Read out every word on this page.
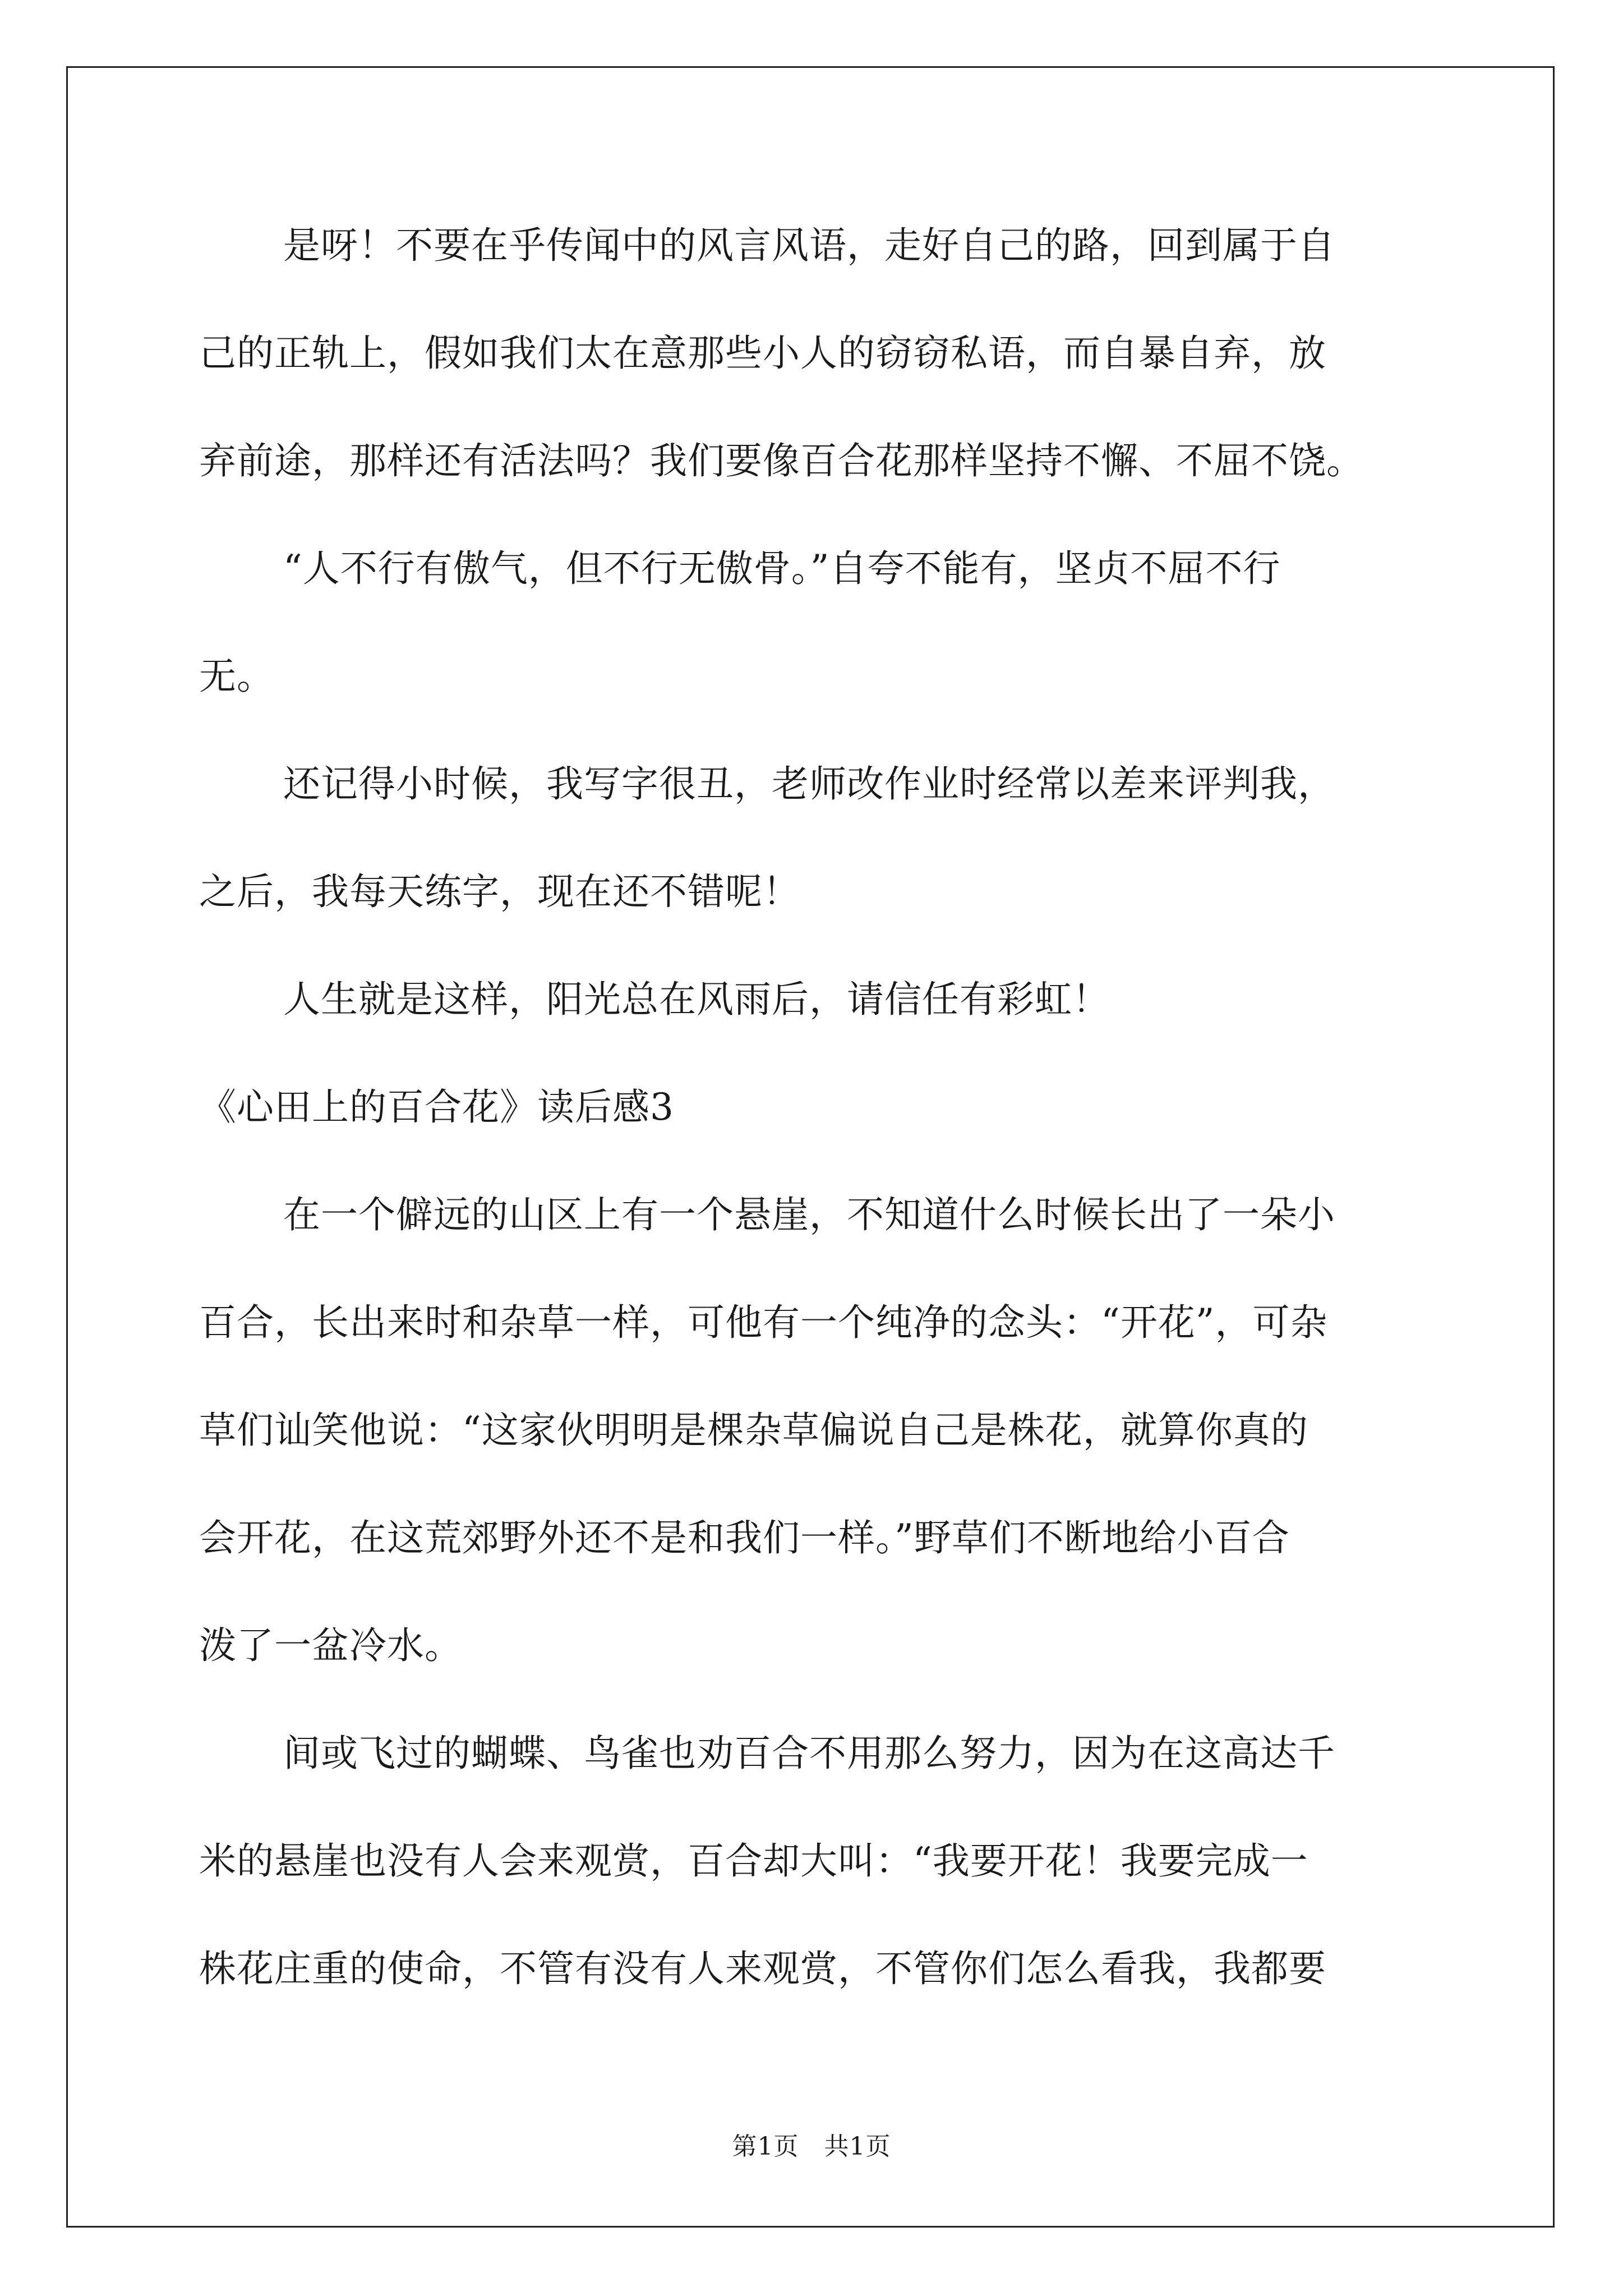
是呀！不要在乎传闻中的风言风语，走好自己的路，回到属于自
己的正轨上，假如我们太在意那些小人的窃窃私语，而自暴自弃，放
弃前途，那样还有活法吗？我们要像百合花那样坚持不懈、不屈不饶。
“人不行有傲气，但不行无傲骨。”自夸不能有，坚贞不屈不行
无。
还记得小时候，我写字很丑，老师改作业时经常以差来评判我，
之后，我每天练字，现在还不错呢！
人生就是这样，阳光总在风雨后，请信任有彩虹！
《心田上的百合花》读后感3
在一个僻远的山区上有一个悬崖，不知道什么时候长出了一朵小
百合，长出来时和杂草一样，可他有一个纯净的念头：“开花”，可杂
草们讪笑他说：“这家伙明明是棵杂草偏说自己是株花，就算你真的
会开花，在这荒郊野外还不是和我们一样。”野草们不断地给小百合
泼了一盆冷水。
间或飞过的蝴蝶、鸟雀也劝百合不用那么努力，因为在这高达千
米的悬崖也没有人会来观赏，百合却大叫：“我要开花！我要完成一
株花庄重的使命，不管有没有人来观赏，不管你们怎么看我，我都要
第1页　共1页
